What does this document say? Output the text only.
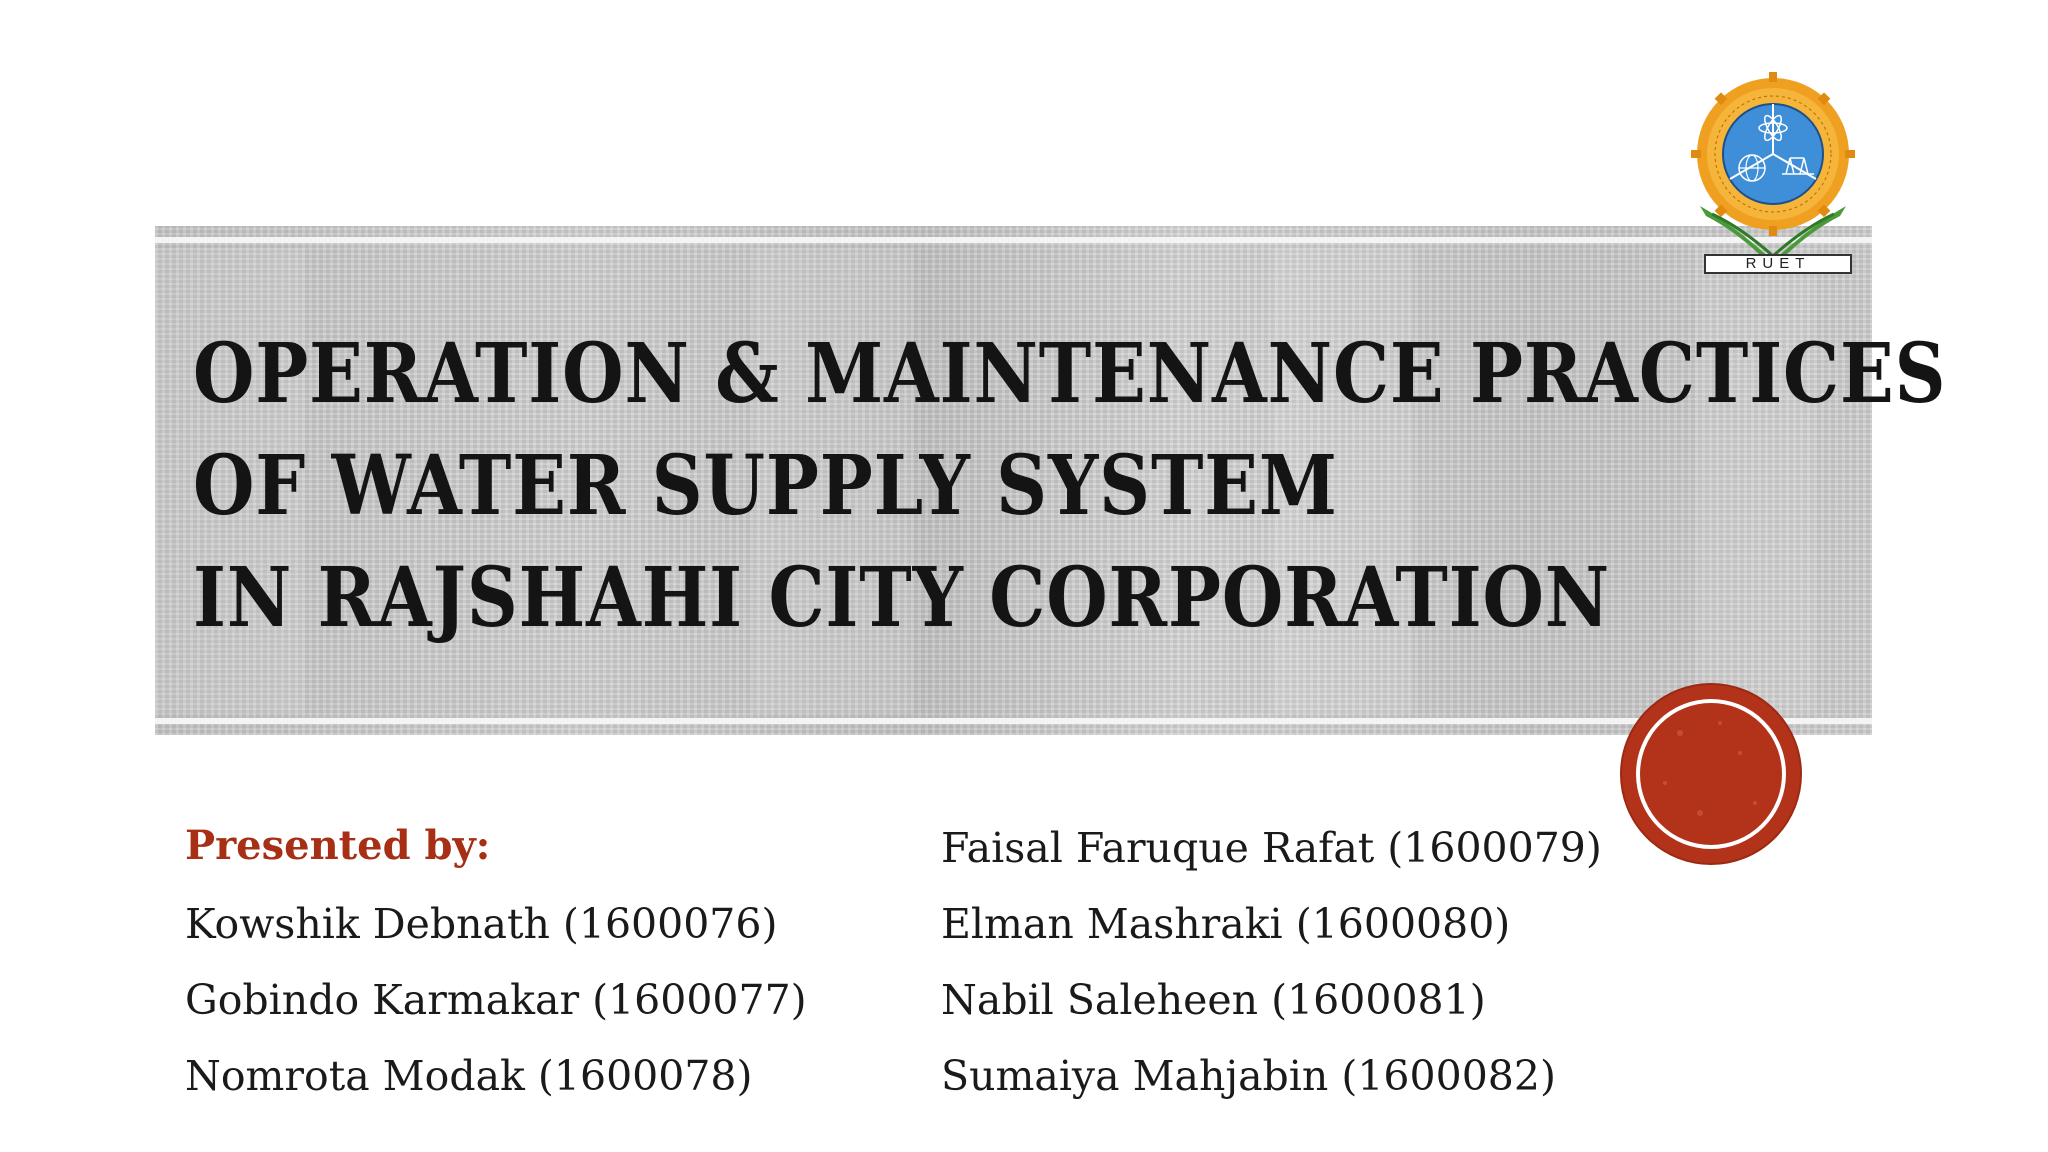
OPERATION & MAINTENANCE PRACTICES
OF WATER SUPPLY SYSTEM
IN RAJSHAHI CITY CORPORATION
RUET
Presented by:
Kowshik Debnath (1600076)
Gobindo Karmakar (1600077)
Nomrota Modak (1600078)
Faisal Faruque Rafat (1600079)
Elman Mashraki (1600080)
Nabil Saleheen (1600081)
Sumaiya Mahjabin (1600082)
